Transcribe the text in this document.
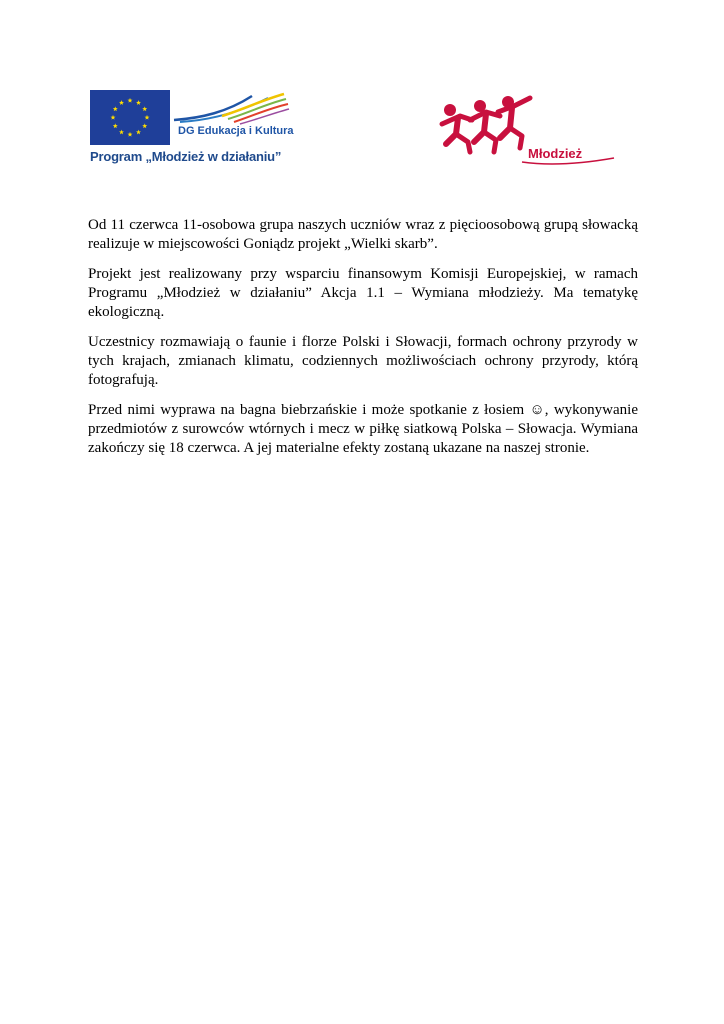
DG Edukacja i Kultura
Program „Młodzież w działaniu”	Młodzież

Od 11 czerwca 11-osobowa grupa naszych uczniów wraz z pięcioosobową grupą słowacką realizuje w miejscowości Goniądz projekt „Wielki skarb”.

Projekt jest realizowany przy wsparciu finansowym Komisji Europejskiej, w ramach Programu „Młodzież w działaniu” Akcja 1.1 – Wymiana młodzieży. Ma tematykę ekologiczną.

Uczestnicy rozmawiają o faunie i florze Polski i Słowacji, formach ochrony przyrody w tych krajach, zmianach klimatu, codziennych możliwościach ochrony przyrody, którą fotografują.

Przed nimi wyprawa na bagna biebrzańskie i może spotkanie z łosiem ☺, wykonywanie przedmiotów z surowców wtórnych i mecz w piłkę siatkową Polska – Słowacja. Wymiana zakończy się 18 czerwca. A jej materialne efekty zostaną ukazane na naszej stronie.
